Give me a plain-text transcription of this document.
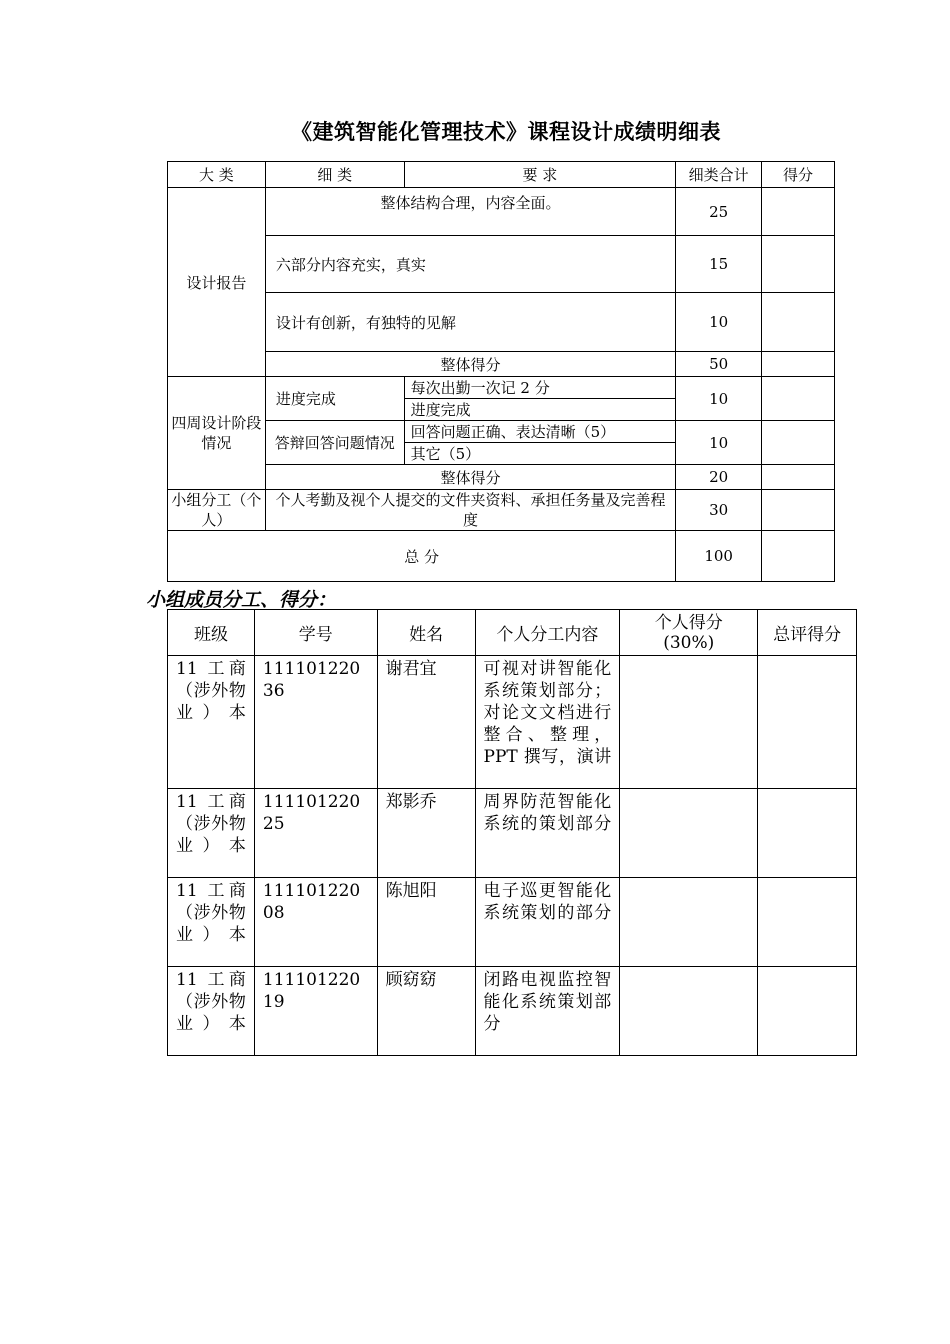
《建筑智能化管理技术》课程设计成绩明细表
大 类	细 类	要 求	细类合计	得分
设计报告	整体结构合理，内容全面。		25	
	六部分内容充实，真实		15	
	设计有创新，有独特的见解		10	
	整体得分		50	
四周设计阶段情况	进度完成	每次出勤一次记 2 分	10	
		进度完成		
	答辩回答问题情况	回答问题正确、表达清晰（5）	10	
		其它（5）		
	整体得分		20	
小组分工（个人）	个人考勤及视个人提交的文件夹资料、承担任务量及完善程度		30	
总 分			100	
小组成员分工、得分：
班级	学号	姓名	个人分工内容	个人得分 (30%)	总评得分
11 工商（涉外物业）本	11110122036	谢君宜	可视对讲智能化系统策划部分；对论文文档进行整合、整理，PPT 撰写，演讲		
11 工商（涉外物业）本	11110122025	郑影乔	周界防范智能化系统的策划部分		
11 工商（涉外物业）本	11110122008	陈旭阳	电子巡更智能化系统策划的部分		
11 工商（涉外物业）本	11110122019	顾窈窈	闭路电视监控智能化系统策划部分		
